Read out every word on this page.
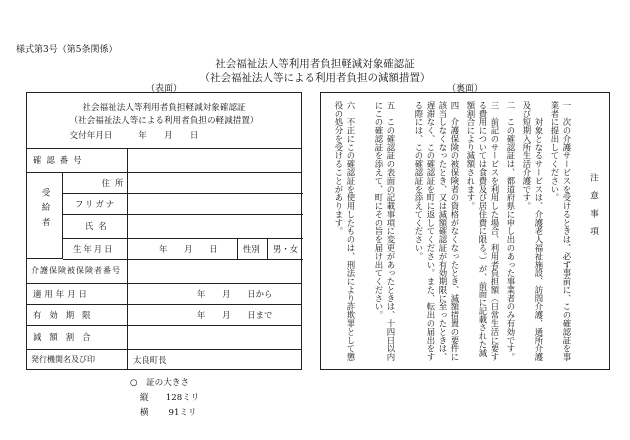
様式第3号（第5条関係）
社会福祉法人等利用者負担軽減対象確認証
（社会福祉法人等による利用者負担の減額措置）
（表面）	（裏面）
社会福祉法人等利用者負担軽減対象確認証
（社会福祉法人等による利用者負担の軽減措置）
交付年月日　　　年　　月　　日
確認番号
受給者
住所
フリガナ
氏名
生年月日	年　　月　　日	性別	男・女
介護保険被保険者番号
適用年月日	年　　月　　日から
有効期限	年　　月　　日まで
減額割合
発行機関名及び印	太良町長
注意事項
一　次の介護サービスを受けるときは、必ず事前に、この確認証を事業者に提出してください。
　　対象となるサービスは、介護老人福祉施設、訪問介護、通所介護及び短期入所生活介護です。
二　この確認証は、都道府県に申し出のあった事業者のみ有効です。
三　前記のサービスを利用した場合、利用者負担額（日常生活に要する費用については食費及び居住費に限る。）が、前面に記載された減額割合により減額されます。
四　介護保険の被保険者の資格がなくなったとき、減額措置の要件に該当しなくなったとき、又は減額確認証が有効期限に至ったときは、遅滞なく、この確認証を町に返してください。また、転出の届出をする際には、この確認証を添えてください。
五　この確認証の表面の記載事項に変更があったときは、十四日以内にこの確認証を添えて、町にその旨を届け出てください。
六　不正にこの確認証を使用したものは、刑法により詐欺罪として懲役の処分を受けることがあります。
○　証の大きさ
縦　　128ミリ
横　　 91ミリ
